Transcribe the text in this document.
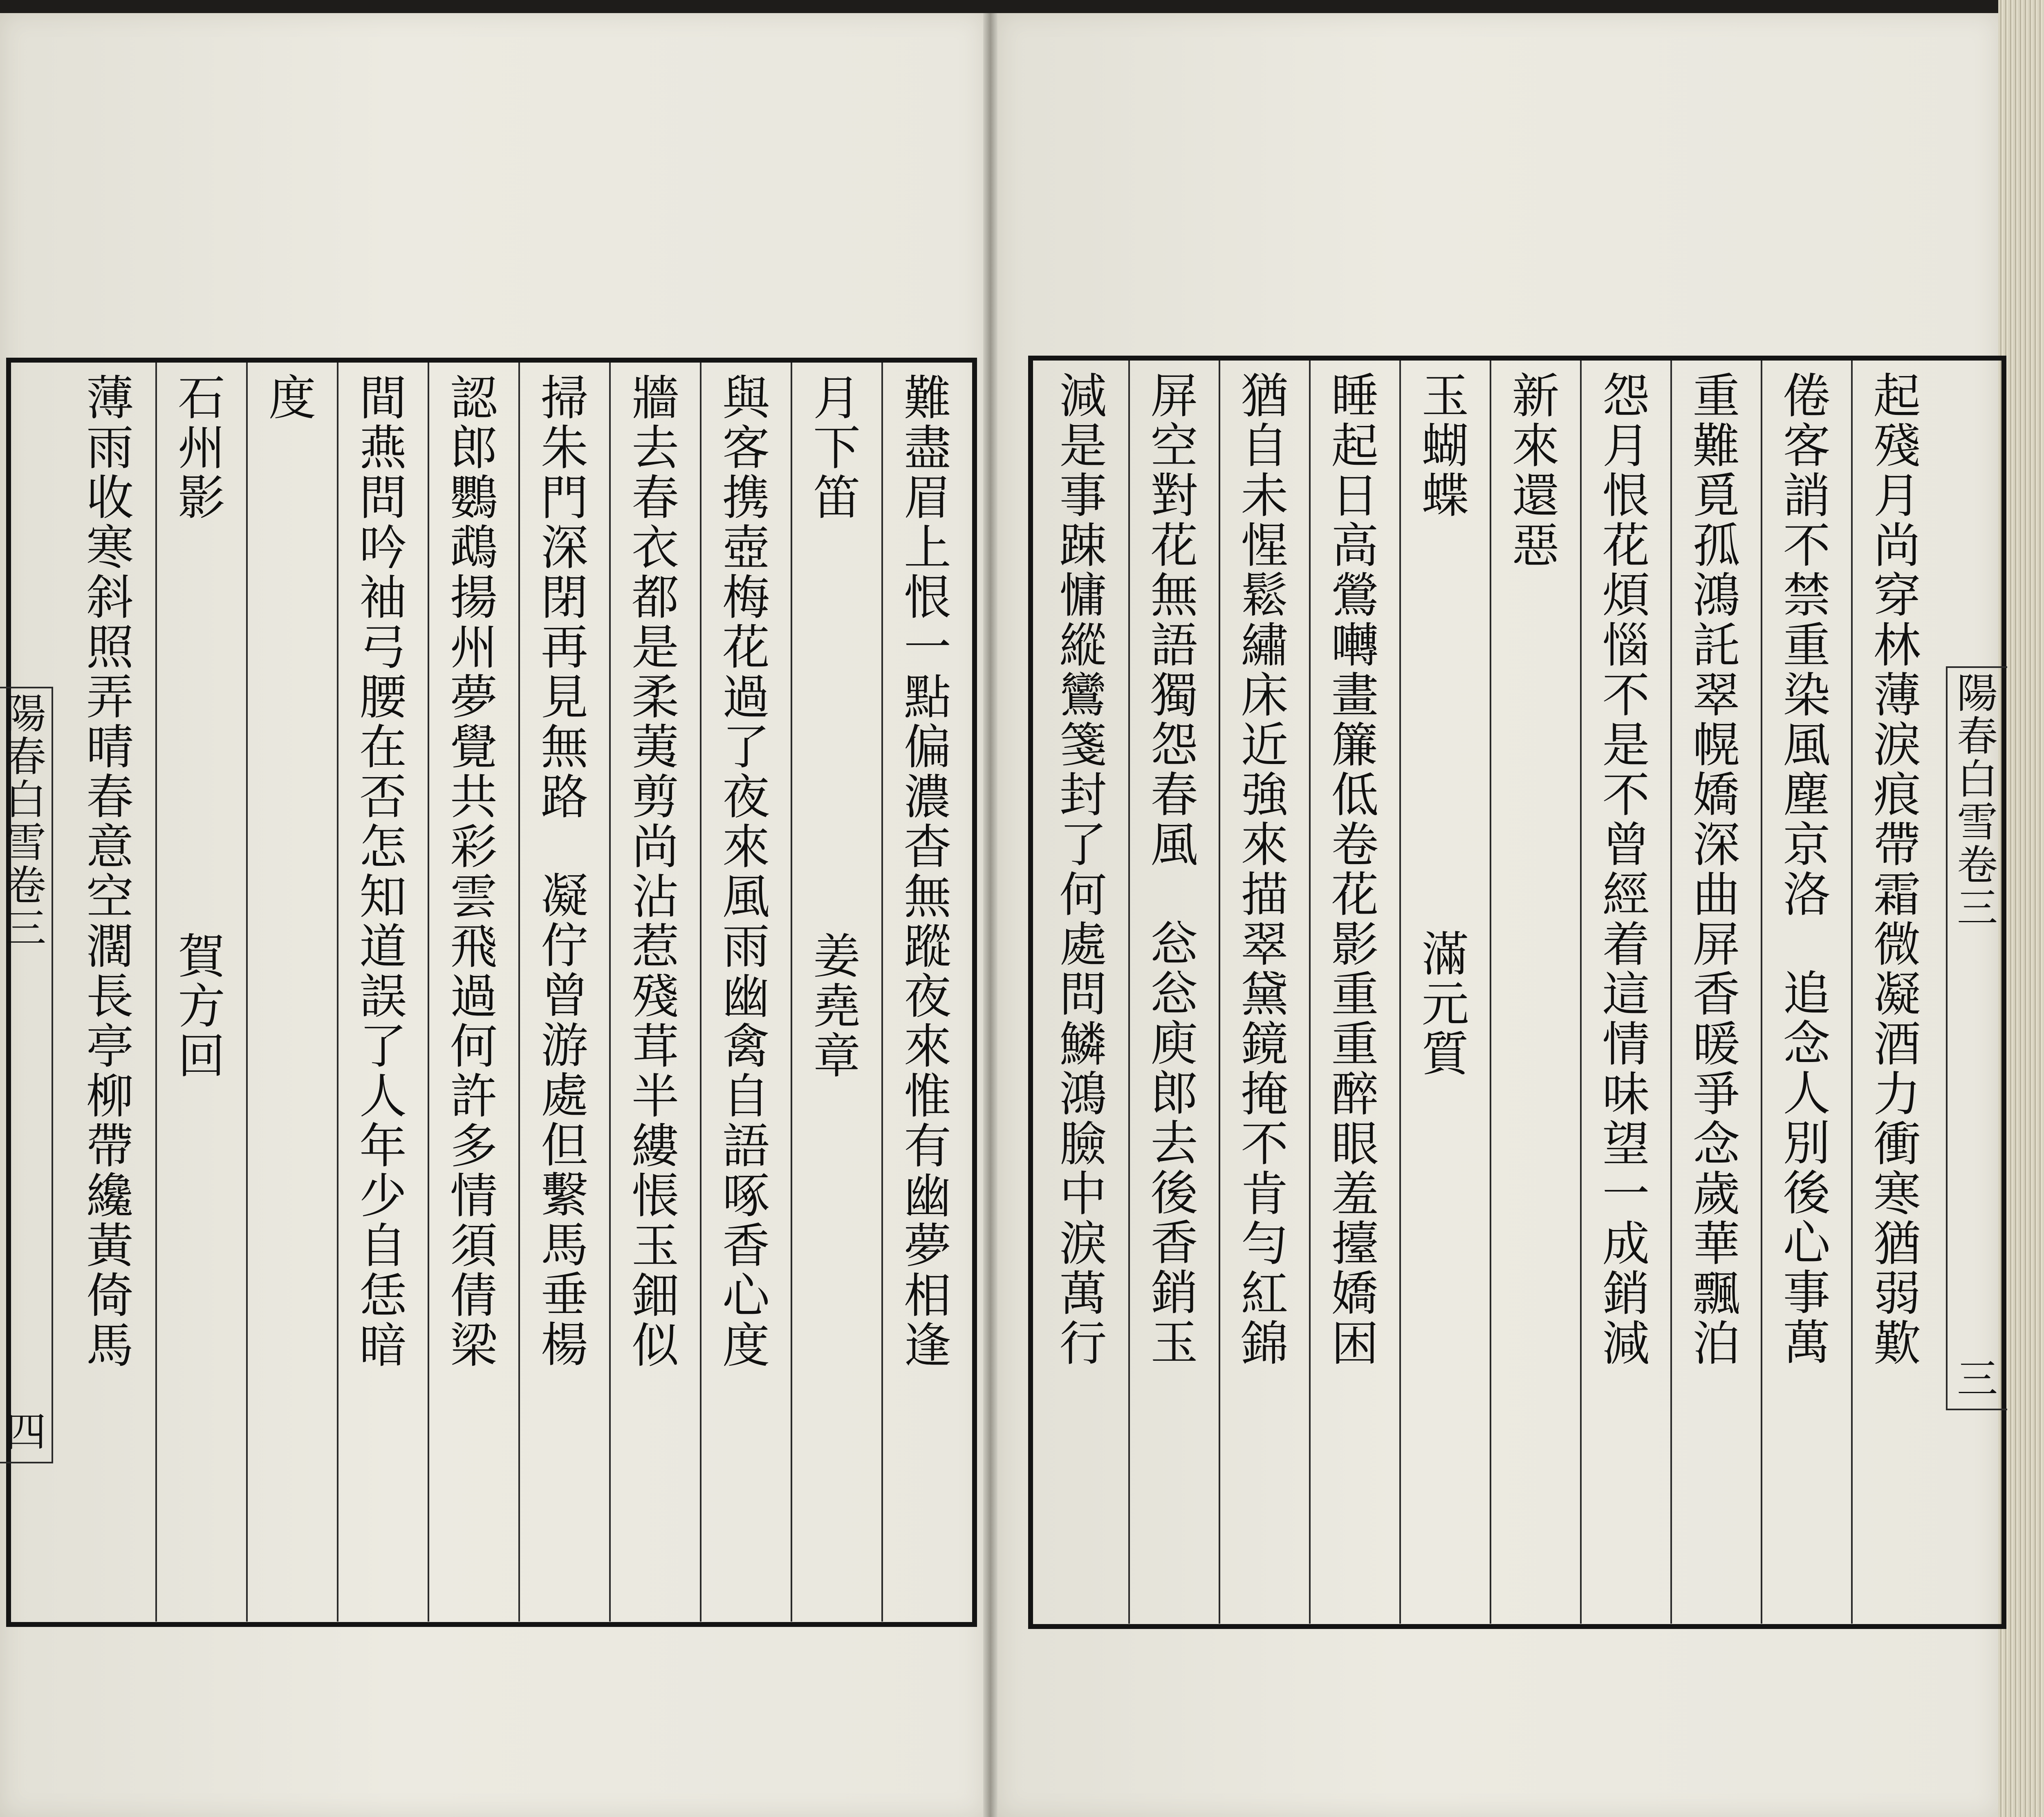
陽
春
白
雪
卷
三
四
陽
春
白
雪
卷
三
三
難
盡
眉
上
恨
一
點
偏
濃
杳
無
蹤
夜
來
惟
有
幽
夢
相
逢
月
下
笛
姜
堯
章
與
客
携
壺
梅
花
過
了
夜
來
風
雨
幽
禽
自
語
啄
香
心
度
牆
去
春
衣
都
是
柔
荑
剪
尚
沾
惹
殘
茸
半
縷
悵
玉
鈿
似
掃
朱
門
深
閉
再
見
無
路
凝
佇
曾
游
處
但
繫
馬
垂
楊
認
郎
鸚
鵡
揚
州
夢
覺
共
彩
雲
飛
過
何
許
多
情
須
倩
梁
間
燕
問
吟
袖
弓
腰
在
否
怎
知
道
誤
了
人
年
少
自
恁
暗
度
石
州
影
賀
方
回
薄
雨
收
寒
斜
照
弄
晴
春
意
空
濶
長
亭
柳
帶
纔
黃
倚
馬
起
殘
月
尚
穿
林
薄
淚
痕
帶
霜
微
凝
酒
力
衝
寒
猶
弱
歎
倦
客
誚
不
禁
重
染
風
塵
京
洛
追
念
人
別
後
心
事
萬
重
難
覓
孤
鴻
託
翠
幌
嬌
深
曲
屏
香
暖
爭
念
歲
華
飄
泊
怨
月
恨
花
煩
惱
不
是
不
曾
經
着
這
情
味
望
一
成
銷
減
新
來
還
惡
玉
蝴
蝶
滿
元
質
睡
起
日
高
鶯
囀
畫
簾
低
卷
花
影
重
重
醉
眼
羞
擡
嬌
困
猶
自
未
惺
鬆
繡
床
近
強
來
描
翠
黛
鏡
掩
不
肯
勻
紅
錦
屏
空
對
花
無
語
獨
怨
春
風
忩
忩
庾
郎
去
後
香
銷
玉
減
是
事
踈
慵
縱
鸞
箋
封
了
何
處
問
鱗
鴻
臉
中
淚
萬
行
